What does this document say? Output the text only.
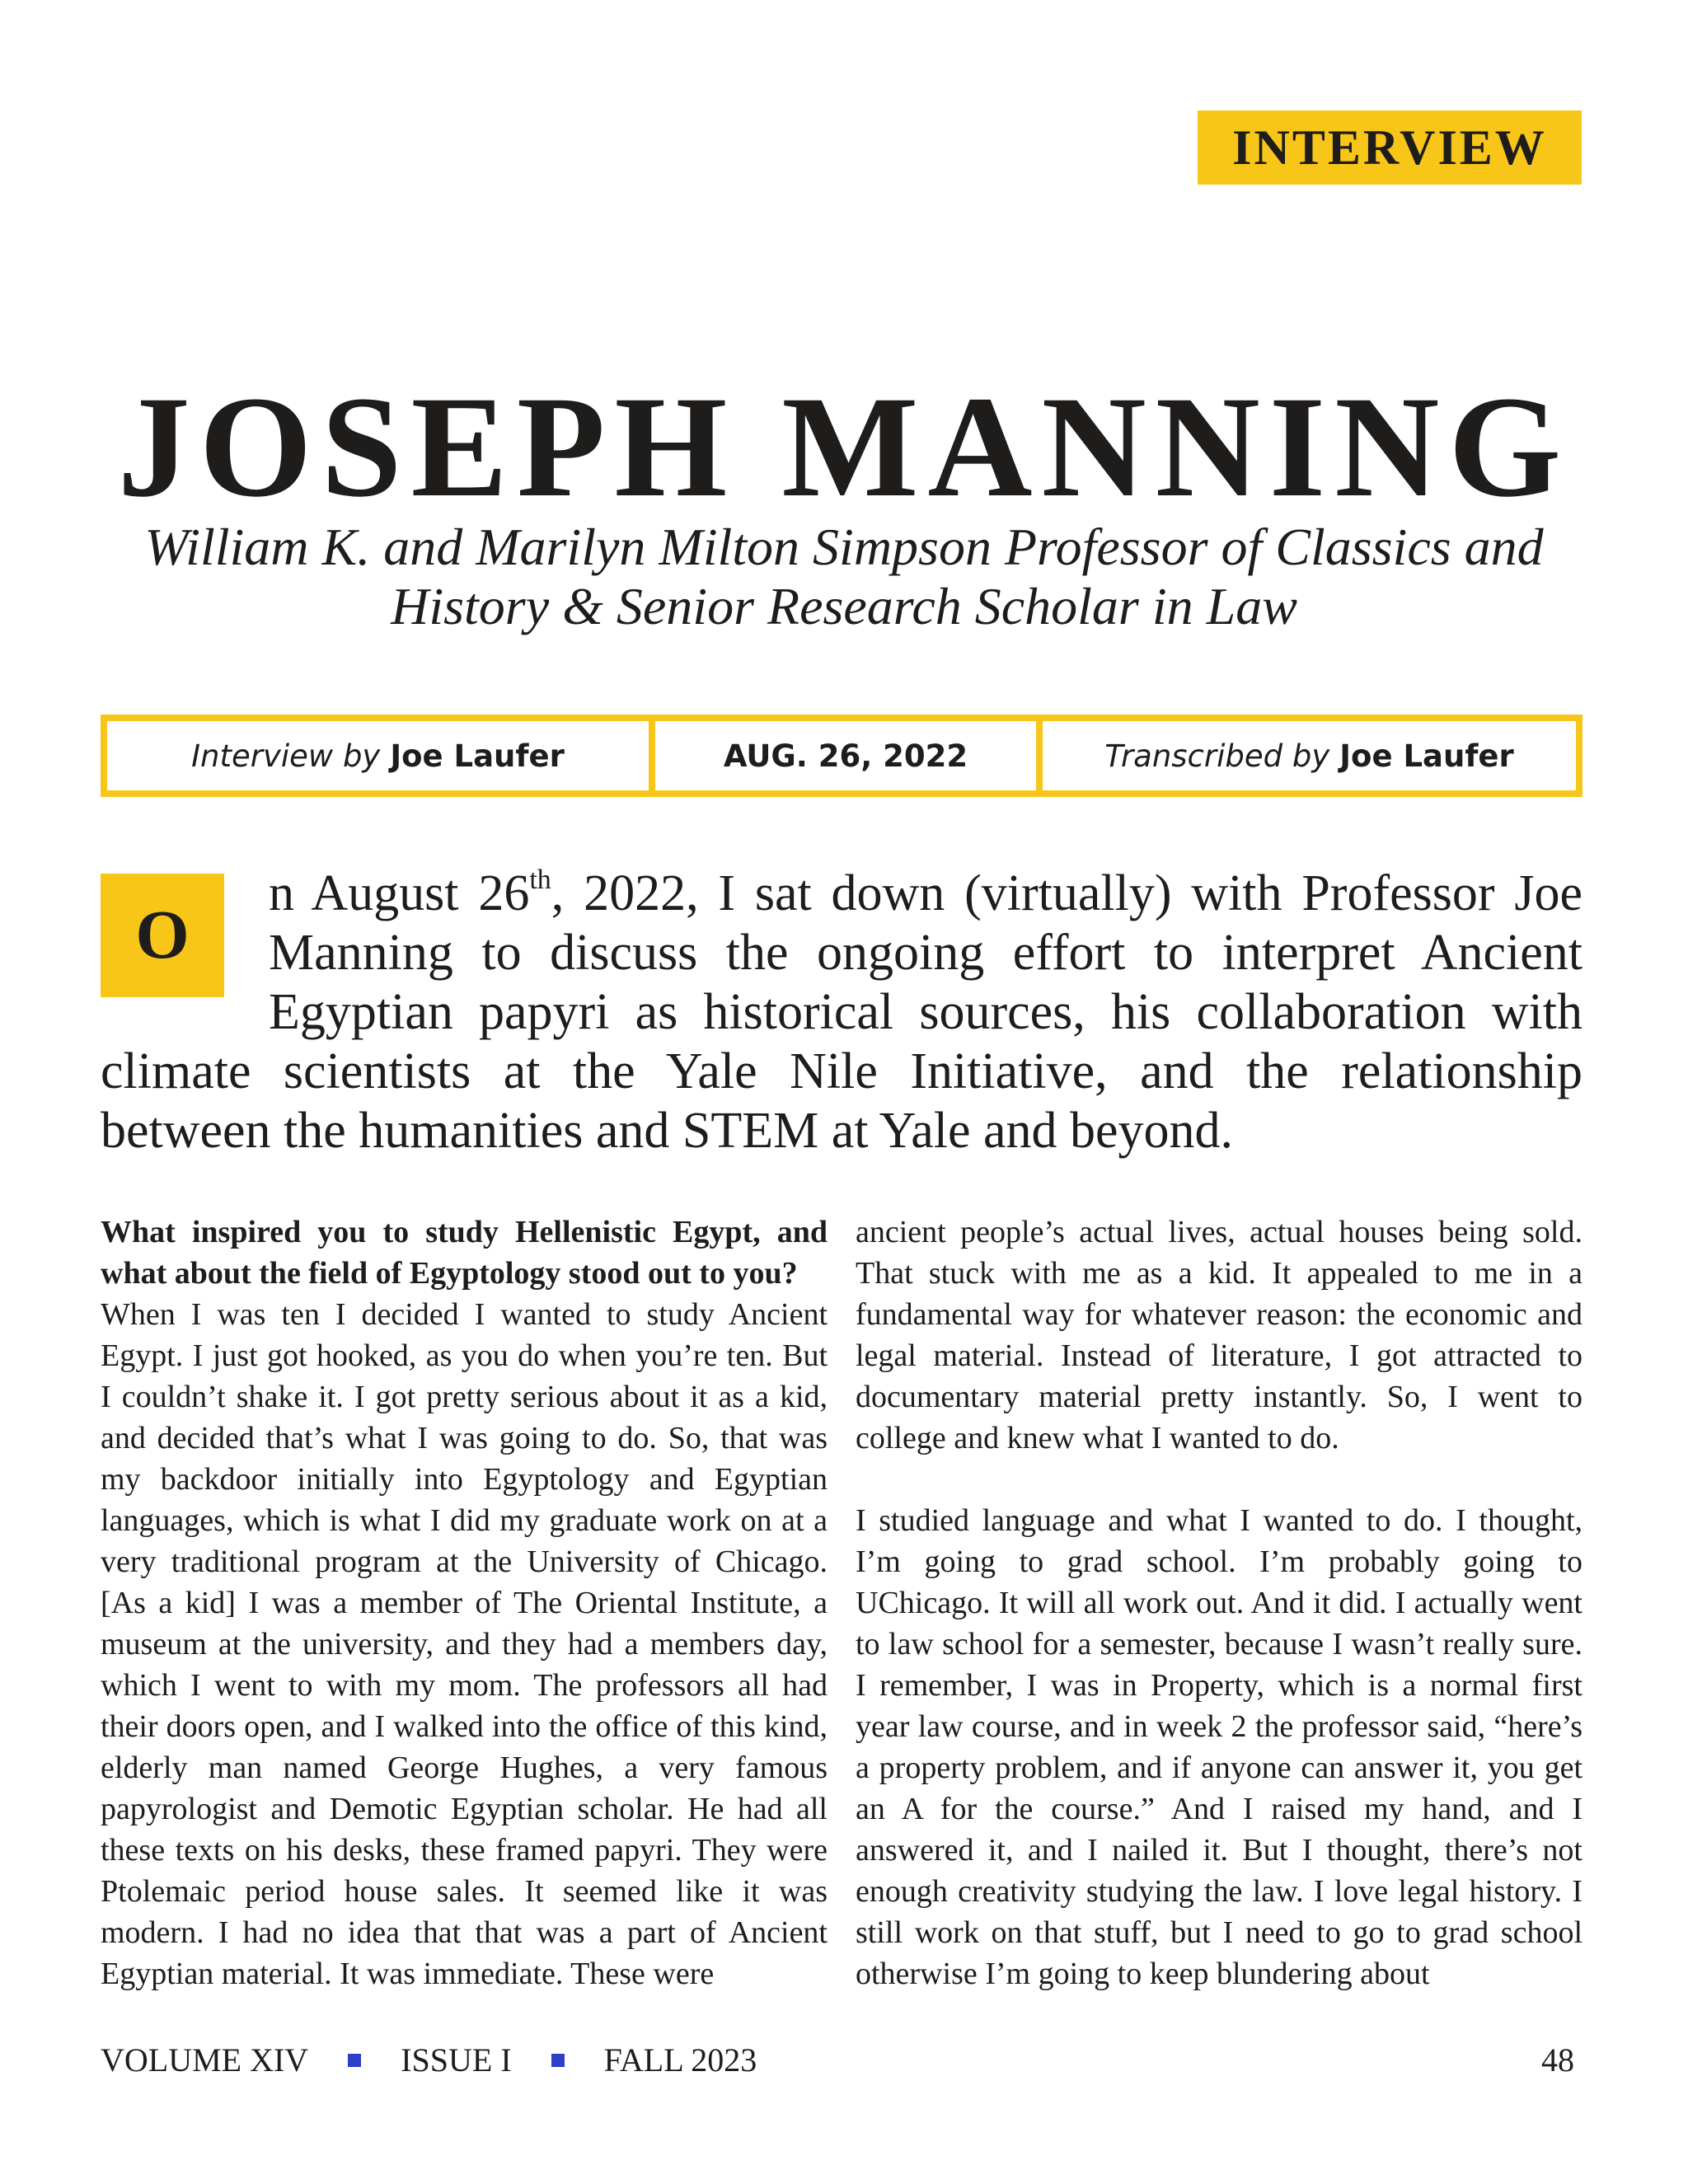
INTERVIEW
JOSEPH MANNING
William K. and Marilyn Milton Simpson Professor of Classics and
History & Senior Research Scholar in Law
Interview by Joe Laufer	AUG. 26, 2022	Transcribed by Joe Laufer

O
n August 26th, 2022, I sat down (virtually) with Professor Joe Manning to discuss the ongoing effort to interpret Ancient Egyptian papyri as historical sources, his collaboration with climate scientists at the Yale Nile Initiative, and the relationship between the humanities and STEM at Yale and beyond.

What inspired you to study Hellenistic Egypt, and what about the field of Egyptology stood out to you?

When I was ten I decided I wanted to study Ancient Egypt. I just got hooked, as you do when you’re ten. But I couldn’t shake it. I got pretty serious about it as a kid, and decided that’s what I was going to do. So, that was my backdoor initially into Egyptology and Egyptian languages, which is what I did my graduate work on at a very traditional program at the University of Chicago. [As a kid] I was a member of The Oriental Institute, a museum at the university, and they had a members day, which I went to with my mom. The professors all had their doors open, and I walked into the office of this kind, elderly man named George Hughes, a very famous papyrologist and Demotic Egyptian scholar. He had all these texts on his desks, these framed papyri. They were Ptolemaic period house sales. It seemed like it was modern. I had no idea that that was a part of Ancient Egyptian material. It was immediate. These were

ancient people’s actual lives, actual houses being sold. That stuck with me as a kid. It appealed to me in a fundamental way for whatever reason: the economic and legal material. Instead of literature, I got attracted to documentary material pretty instantly. So, I went to college and knew what I wanted to do.

I studied language and what I wanted to do. I thought, I’m going to grad school. I’m probably going to UChicago. It will all work out. And it did. I actually went to law school for a semester, because I wasn’t really sure. I remember, I was in Property, which is a normal first year law course, and in week 2 the professor said, “here’s a property problem, and if anyone can answer it, you get an A for the course.” And I raised my hand, and I answered it, and I nailed it. But I thought, there’s not enough creativity studying the law. I love legal history. I still work on that stuff, but I need to go to grad school otherwise I’m going to keep blundering about

VOLUME XIV	ISSUE I	FALL 2023	48
